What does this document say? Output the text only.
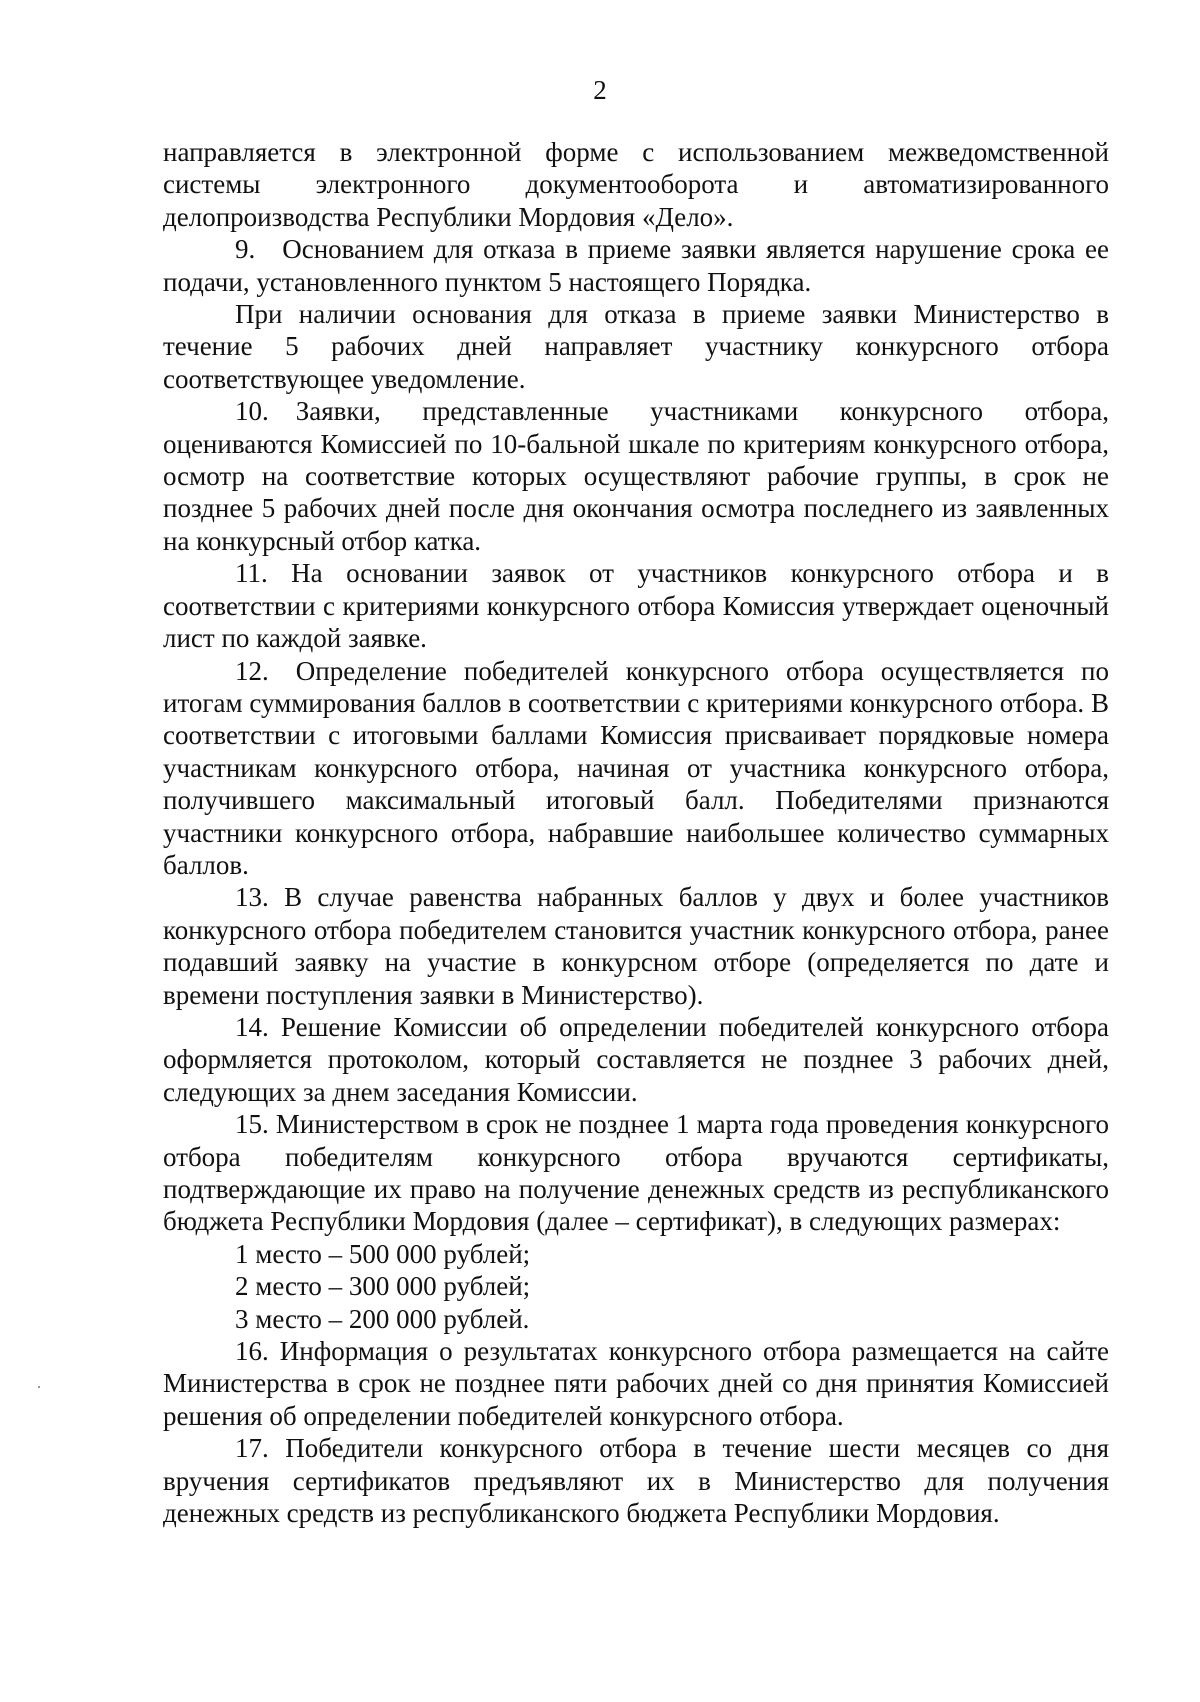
2

направляется в электронной форме с использованием межведомственной системы электронного документооборота и автоматизированного делопроизводства Республики Мордовия «Дело».

9. Основанием для отказа в приеме заявки является нарушение срока ее подачи, установленного пунктом 5 настоящего Порядка.

При наличии основания для отказа в приеме заявки Министерство в течение 5 рабочих дней направляет участнику конкурсного отбора соответствующее уведомление.

10. Заявки, представленные участниками конкурсного отбора, оцениваются Комиссией по 10-бальной шкале по критериям конкурсного отбора, осмотр на соответствие которых осуществляют рабочие группы, в срок не позднее 5 рабочих дней после дня окончания осмотра последнего из заявленных на конкурсный отбор катка.

11. На основании заявок от участников конкурсного отбора и в соответствии с критериями конкурсного отбора Комиссия утверждает оценочный лист по каждой заявке.

12. Определение победителей конкурсного отбора осуществляется по итогам суммирования баллов в соответствии с критериями конкурсного отбора. В соответствии с итоговыми баллами Комиссия присваивает порядковые номера участникам конкурсного отбора, начиная от участника конкурсного отбора, получившего максимальный итоговый балл. Победителями признаются участники конкурсного отбора, набравшие наибольшее количество суммарных баллов.

13. В случае равенства набранных баллов у двух и более участников конкурсного отбора победителем становится участник конкурсного отбора, ранее подавший заявку на участие в конкурсном отборе (определяется по дате и времени поступления заявки в Министерство).

14. Решение Комиссии об определении победителей конкурсного отбора оформляется протоколом, который составляется не позднее 3 рабочих дней, следующих за днем заседания Комиссии.

15. Министерством в срок не позднее 1 марта года проведения конкурсного отбора победителям конкурсного отбора вручаются сертификаты, подтверждающие их право на получение денежных средств из республиканского бюджета Республики Мордовия (далее – сертификат), в следующих размерах:

1 место – 500 000 рублей;

2 место – 300 000 рублей;

3 место – 200 000 рублей.

16. Информация о результатах конкурсного отбора размещается на сайте Министерства в срок не позднее пяти рабочих дней со дня принятия Комиссией решения об определении победителей конкурсного отбора.

17. Победители конкурсного отбора в течение шести месяцев со дня вручения сертификатов предъявляют их в Министерство для получения денежных средств из республиканского бюджета Республики Мордовия.
